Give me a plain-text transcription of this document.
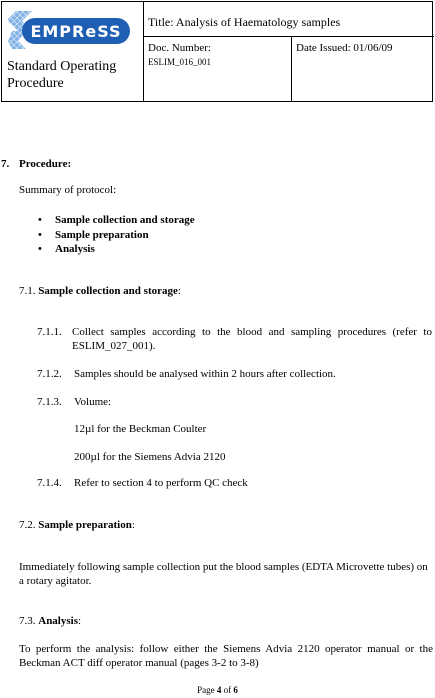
EMPReSS Title: Analysis of Haematology samples
Standard Operating Procedure
Doc. Number:
ESLIM_016_001
Date Issued: 01/06/09
7. Procedure:
Summary of protocol:
• Sample collection and storage
• Sample preparation
• Analysis
7.1. Sample collection and storage:
7.1.1. Collect samples according to the blood and sampling procedures (refer to ESLIM_027_001).
7.1.2. Samples should be analysed within 2 hours after collection.
7.1.3. Volume:
12µl for the Beckman Coulter
200µl for the Siemens Advia 2120
7.1.4. Refer to section 4 to perform QC check
7.2. Sample preparation:
Immediately following sample collection put the blood samples (EDTA Microvette tubes) on a rotary agitator.
7.3. Analysis:
To perform the analysis: follow either the Siemens Advia 2120 operator manual or the Beckman ACT diff operator manual (pages 3-2 to 3-8)
Page 4 of 6
